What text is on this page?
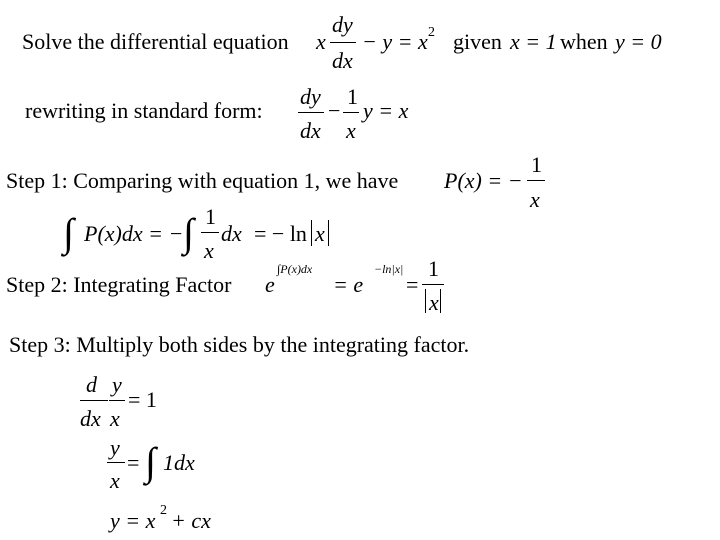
Solve the differential equation x
dy
dx
− y = x 2 given x = 1 when y = 0
rewriting in standard form:
dy
dx
−
1
x
y = x
Step 1: Comparing with equation 1, we have P(x) = −
1
x
∫ P(x)dx = − ∫ 1
x
dx = − ln x
Step 2: Integrating Factor e
∫P(x)dx
= e
−ln|x|
=
1
x
Step 3: Multiply both sides by the integrating factor.
d y
dx x
= 1
y
x
= ∫ 1dx
y = x 2 + cx
